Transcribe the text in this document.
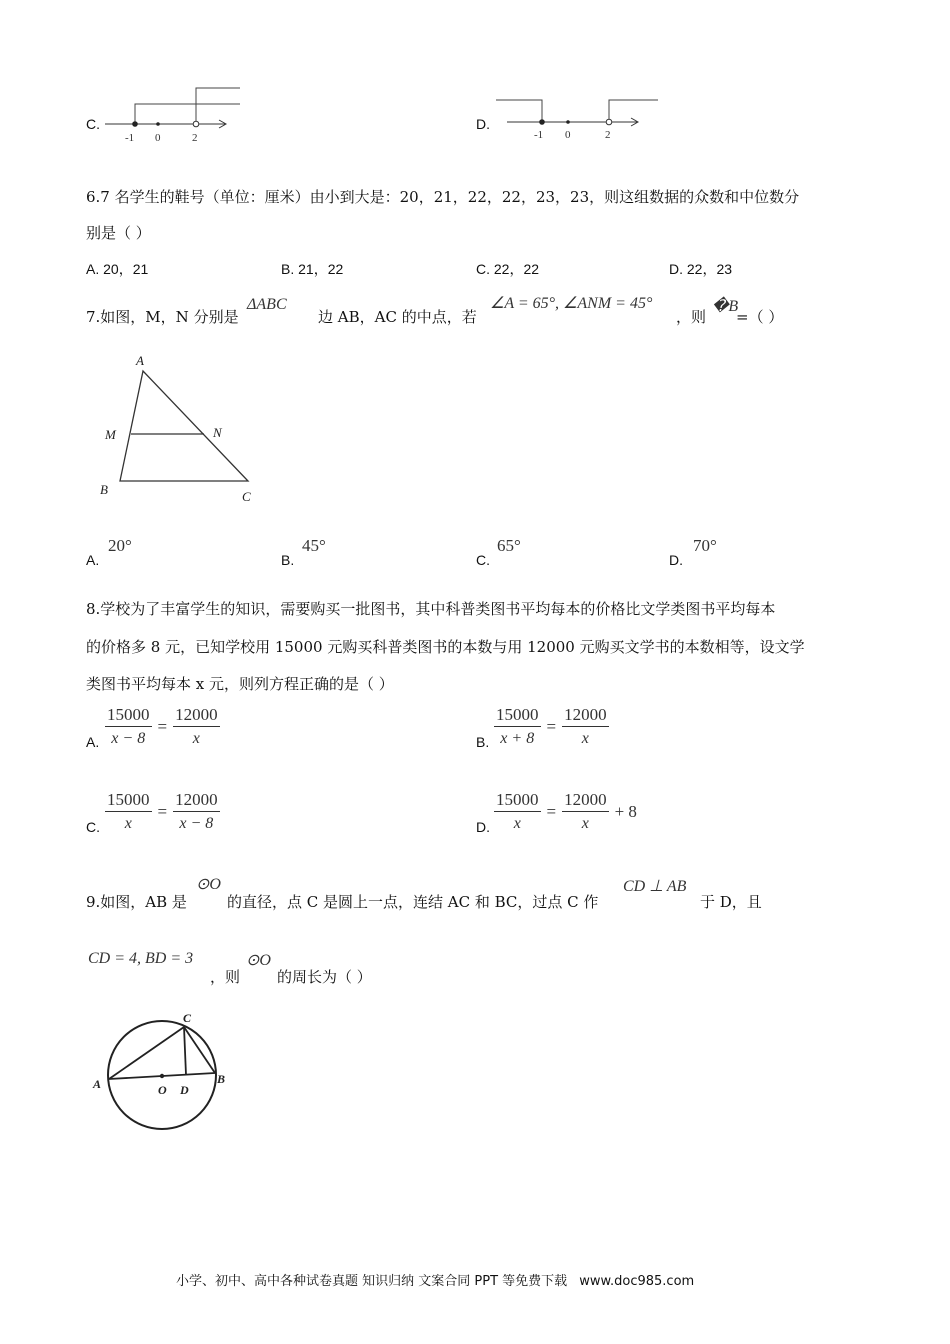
C.
-1 0	2
D.
-1 0	2
6.7 名学生的鞋号（单位：厘米）由小到大是：20，21，22，22，23，23，则这组数据的众数和中位数分
别是（ ）
A. 20，21	B. 21，22	C. 22，22	D. 22，23
7.如图，M，N 分别是
ΔABC
边 AB，AC 的中点，若
∠A = 65°, ∠ANM = 45°
，则
�B
=（ ）
A
M	N
B	C
A.
20°
B.
45°
C.
65°
D.
70°
8.学校为了丰富学生的知识，需要购买一批图书，其中科普类图书平均每本的价格比文学类图书平均每本
的价格多 8 元，已知学校用 15000 元购买科普类图书的本数与用 12000 元购买文学书的本数相等，设文学
类图书平均每本 x 元，则列方程正确的是（ ）
A. $\frac{15000}{x - 8} = \frac{12000}{x}$	B. $\frac{15000}{x + 8} = \frac{12000}{x}$
C. $\frac{15000}{x} = \frac{12000}{x - 8}$	D. $\frac{15000}{x} = \frac{12000}{x} + 8$
9.如图，AB 是
⊙O
的直径，点 C 是圆上一点，连结 AC 和 BC，过点 C 作
CD ⊥ AB
于 D，且
CD = 4, BD = 3
，则
⊙O
的周长为（ ）
C
A	O D
B
小学、初中、高中各种试卷真题 知识归纳 文案合同 PPT 等免费下载 www.doc985.com
